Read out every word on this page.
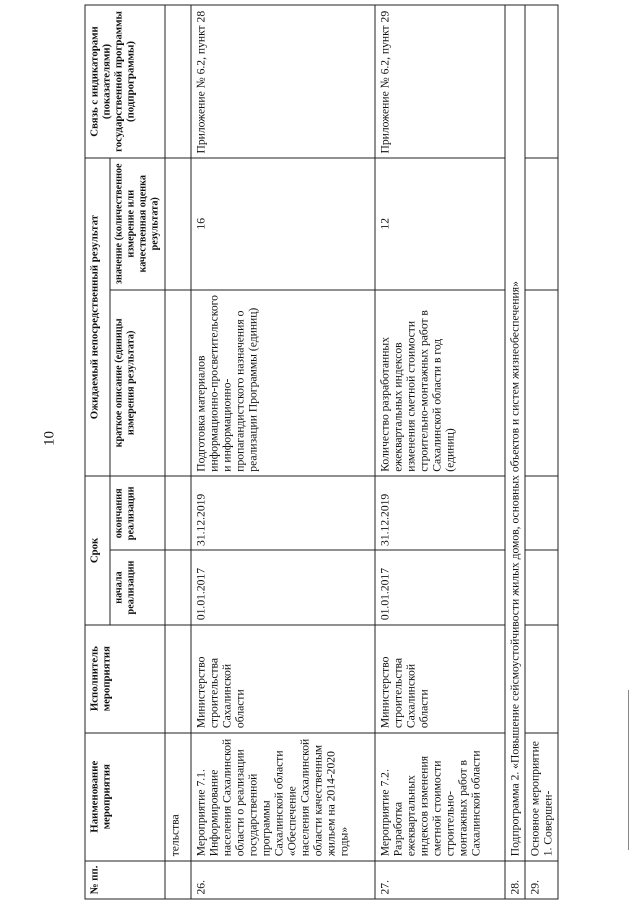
10
№ пп.	Наименование мероприятия	Исполнитель мероприятия	Срок		Ожидаемый непосредственный результат		Связь с индикаторами (показателями) государственной программы (подпрограммы)
			начала реализации	окончания реализации	краткое описание (единицы измерения результата)	значение (количественное измерение или качественная оценка результата)	
	тельства						
26.	Мероприятие 7.1. Информирование населения Сахалинской области о реализации государственной программы Сахалинской области «Обеспечение населения Сахалинской области качественным жильем на 2014-2020 годы»	Министерство строительства Сахалинской области	01.01.2017	31.12.2019	Подготовка материалов информационно-просветительского и информационно-пропагандистского назначения о реализации Программы (единиц)	16	Приложение № 6.2, пункт 28
27.	Мероприятие 7.2. Разработка ежеквартальных индексов изменения сметной стоимости строительно-монтажных работ в Сахалинской области	Министерство строительства Сахалинской области	01.01.2017	31.12.2019	Количество разработанных ежеквартальных индексов изменения сметной стоимости строительно-монтажных работ в Сахалинской области в год (единиц)	12	Приложение № 6.2, пункт 29
28.	Подпрограмма 2. «Повышение сейсмоустойчивости жилых домов, основных объектов и систем жизнеобеспечения»						
29.	Основное мероприятие 1. Совершен-						
